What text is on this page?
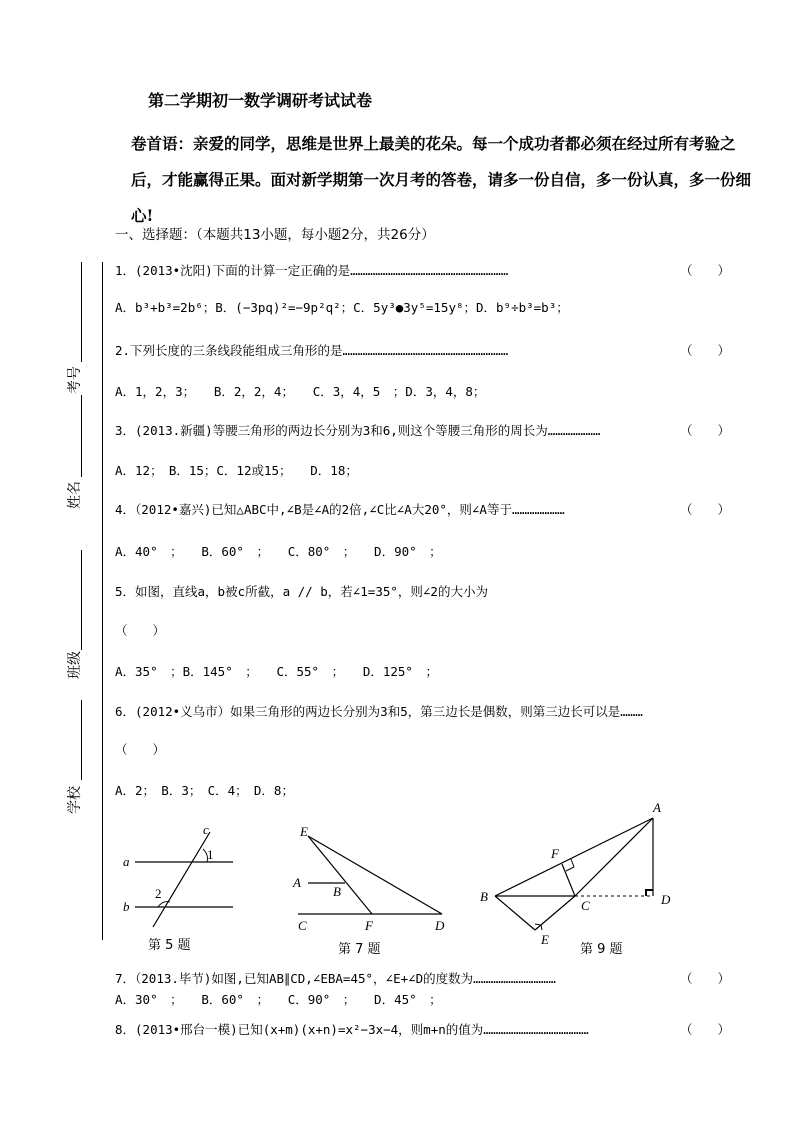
考号
姓名
班级
学校
第二学期初一数学调研考试试卷
卷首语：亲爱的同学，思维是世界上最美的花朵。每一个成功者都必须在经过所有考验之后，才能赢得正果。面对新学期第一次月考的答卷，请多一份自信，多一份认真，多一份细心!
一、选择题：（本题共13小题，每小题2分，共26分）
1．(2013•沈阳)下面的计算一定正确的是………………………………………………………	（　　）
A．b³+b³=2b⁶；B．(−3pq)²=−9p²q²；C．5y³●3y⁵=15y⁸；D．b⁹÷b³=b³；
2.下列长度的三条线段能组成三角形的是…………………………………………………………	（　　）
A．1，2，3；　　B．2，2，4；　　C．3，4，5　；D．3，4，8；
3．(2013.新疆)等腰三角形的两边长分别为3和6,则这个等腰三角形的周长为…………………	（　　）
A．12；　B．15；C．12或15；　　D．18；
4．（2012•嘉兴)已知△ABC中,∠B是∠A的2倍,∠C比∠A大20°，则∠A等于…………………	（　　）
A．40°　；　　B．60°　；　　C．80°　；　　D．90°　；
5．如图，直线a，b被c所截，a // b，若∠1=35°，则∠2的大小为
（　　）
A．35°　；B．145°　；　　C．55°　；　　D．125°　；
6．(2012•义乌市）如果三角形的两边长分别为3和5，第三边长是偶数，则第三边长可以是………
（　　）
A．2；　B．3；　C．4；　D．8；
c
a
b
1
2
第 5 题
E
A
B
C	F	D
第 7 题
A
F
B
C	D
E
第 9 题
7．（2013.毕节)如图,已知AB∥CD,∠EBA=45°，∠E+∠D的度数为……………………………	（　　）
A．30°　；　　B．60°　；　　C．90°　；　　D．45°　；
8．(2013•邢台一模)已知(x+m)(x+n)=x²−3x−4，则m+n的值为……………………………………	（　　）
